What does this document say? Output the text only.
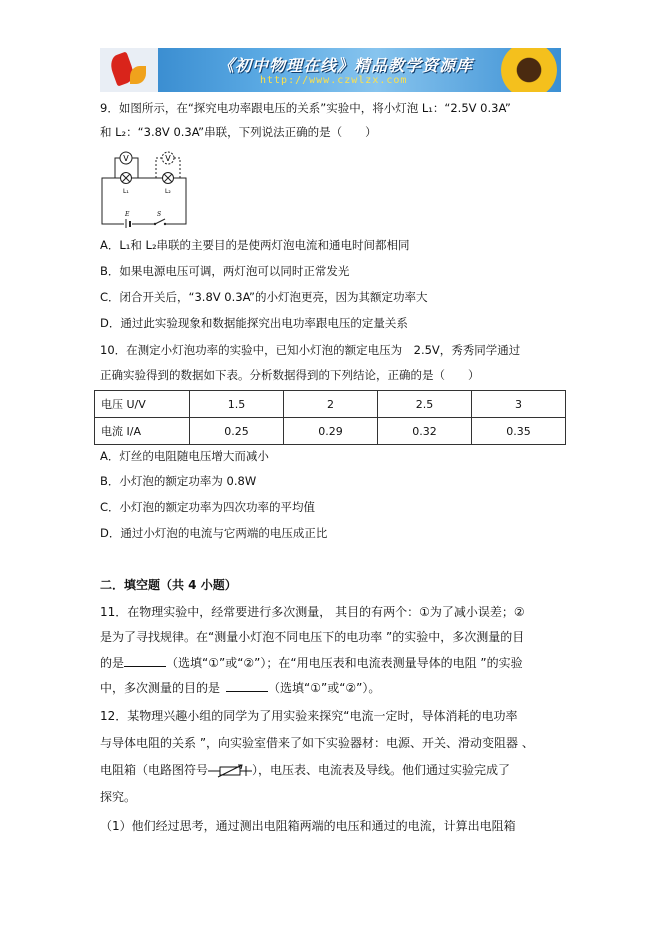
《初中物理在线》精品教学资源库
http://www.czwlzx.com
9．如图所示，在“探究电功率跟电压的关系”实验中，将小灯泡 L₁：“2.5V 0.3A”
和 L₂：“3.8V 0.3A”串联，下列说法正确的是（　　）
V	V
L₁	L₂
E	S
A．L₁和 L₂串联的主要目的是使两灯泡电流和通电时间都相同
B．如果电源电压可调，两灯泡可以同时正常发光
C．闭合开关后，“3.8V 0.3A”的小灯泡更亮，因为其额定功率大
D．通过此实验现象和数据能探究出电功率跟电压的定量关系
10．在测定小灯泡功率的实验中，已知小灯泡的额定电压为　2.5V，秀秀同学通过
正确实验得到的数据如下表。分析数据得到的下列结论，正确的是（　　）
电压 U/V	1.5	2	2.5	3
电流 I/A	0.25	0.29	0.32	0.35
A．灯丝的电阻随电压增大而减小
B．小灯泡的额定功率为 0.8W
C．小灯泡的额定功率为四次功率的平均值
D．通过小灯泡的电流与它两端的电压成正比
二．填空题（共 4 小题）
11．在物理实验中，经常要进行多次测量， 其目的有两个：①为了减小误差；②
是为了寻找规律。在“测量小灯泡不同电压下的电功率 ”的实验中，多次测量的目
的是	（选填“①”或“②”）；在“用电压表和电流表测量导体的电阻 ”的实验
中，多次测量的目的是	（选填“①”或“②”）。
12．某物理兴趣小组的同学为了用实验来探究“电流一定时，导体消耗的电功率
与导体电阻的关系 ”，向实验室借来了如下实验器材：电源、开关、滑动变阻器 、
电阻箱（电路图符号	），电压表、电流表及导线。他们通过实验完成了
探究。
（1）他们经过思考，通过测出电阻箱两端的电压和通过的电流，计算出电阻箱
